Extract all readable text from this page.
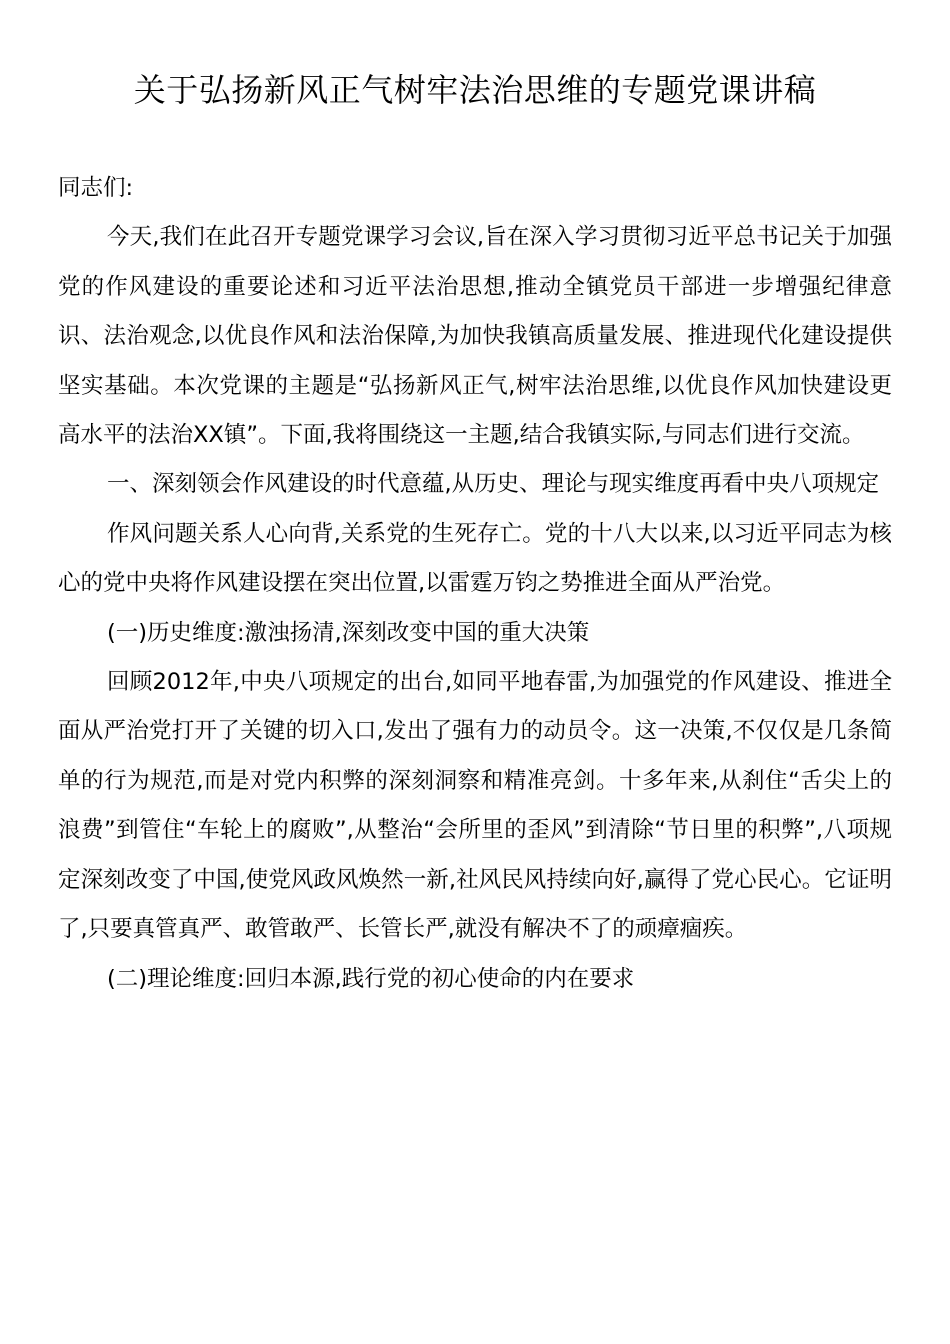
关于弘扬新风正气树牢法治思维的专题党课讲稿

同志们:

今天,我们在此召开专题党课学习会议,旨在深入学习贯彻习近平总书记关于加强党的作风建设的重要论述和习近平法治思想,推动全镇党员干部进一步增强纪律意识、法治观念,以优良作风和法治保障,为加快我镇高质量发展、推进现代化建设提供坚实基础。本次党课的主题是“弘扬新风正气,树牢法治思维,以优良作风加快建设更高水平的法治XX镇”。下面,我将围绕这一主题,结合我镇实际,与同志们进行交流。

一、深刻领会作风建设的时代意蕴,从历史、理论与现实维度再看中央八项规定

作风问题关系人心向背,关系党的生死存亡。党的十八大以来,以习近平同志为核心的党中央将作风建设摆在突出位置,以雷霆万钧之势推进全面从严治党。

(一)历史维度:激浊扬清,深刻改变中国的重大决策

回顾2012年,中央八项规定的出台,如同平地春雷,为加强党的作风建设、推进全面从严治党打开了关键的切入口,发出了强有力的动员令。这一决策,不仅仅是几条简单的行为规范,而是对党内积弊的深刻洞察和精准亮剑。十多年来,从刹住“舌尖上的浪费”到管住“车轮上的腐败”,从整治“会所里的歪风”到清除“节日里的积弊”,八项规定深刻改变了中国,使党风政风焕然一新,社风民风持续向好,赢得了党心民心。它证明了,只要真管真严、敢管敢严、长管长严,就没有解决不了的顽瘴痼疾。

(二)理论维度:回归本源,践行党的初心使命的内在要求
